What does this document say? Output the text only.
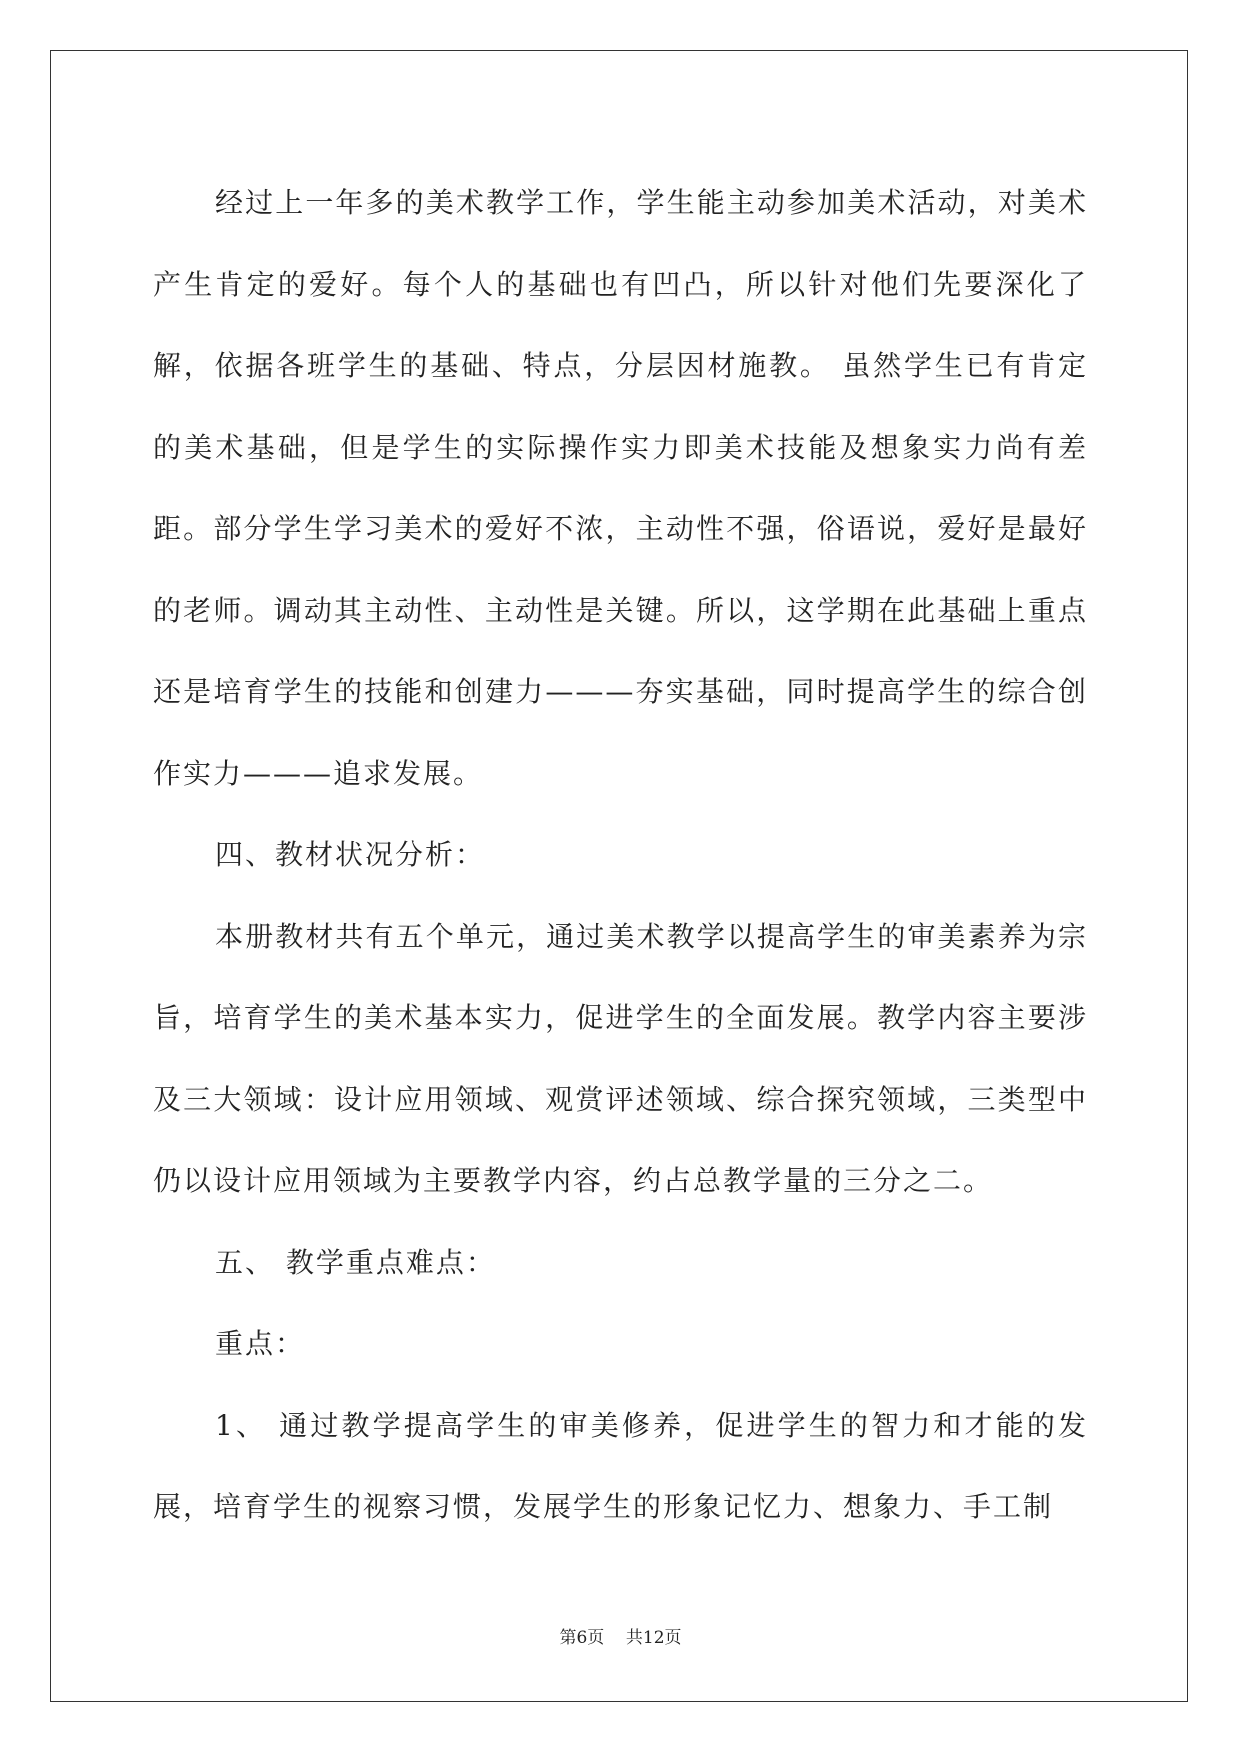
经过上一年多的美术教学工作，学生能主动参加美术活动，对美术产生肯定的爱好。每个人的基础也有凹凸，所以针对他们先要深化了解，依据各班学生的基础、特点，分层因材施教。 虽然学生已有肯定的美术基础，但是学生的实际操作实力即美术技能及想象实力尚有差距。部分学生学习美术的爱好不浓，主动性不强，俗语说，爱好是最好的老师。调动其主动性、主动性是关键。所以，这学期在此基础上重点还是培育学生的技能和创建力———夯实基础，同时提高学生的综合创作实力———追求发展。

四、教材状况分析：

本册教材共有五个单元，通过美术教学以提高学生的审美素养为宗旨，培育学生的美术基本实力，促进学生的全面发展。教学内容主要涉及三大领域：设计应用领域、观赏评述领域、综合探究领域，三类型中仍以设计应用领域为主要教学内容，约占总教学量的三分之二。

五、 教学重点难点：

重点：

1、 通过教学提高学生的审美修养，促进学生的智力和才能的发展，培育学生的视察习惯，发展学生的形象记忆力、想象力、手工制

第6页 共12页
